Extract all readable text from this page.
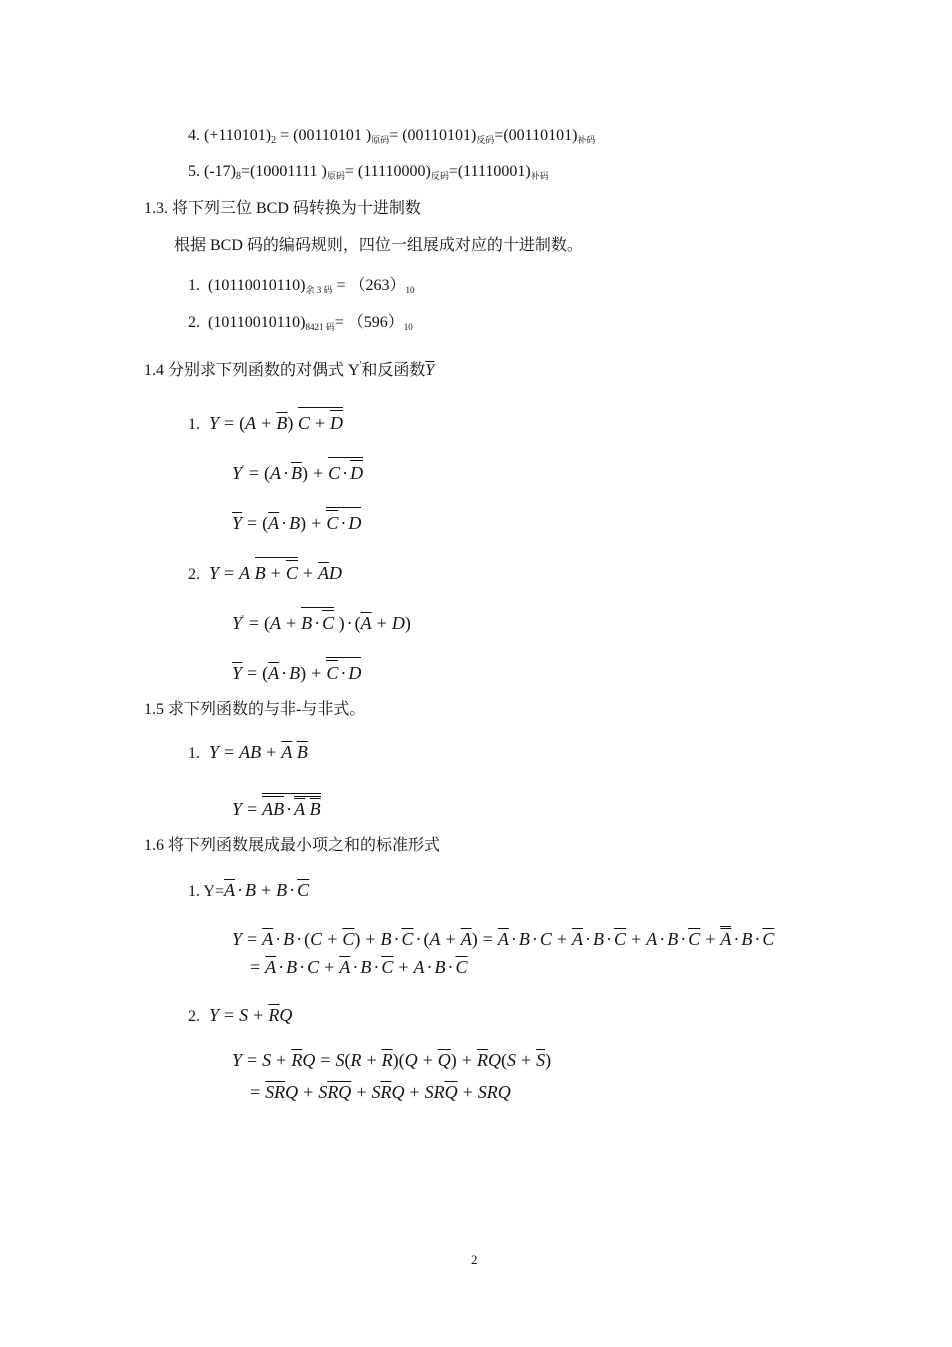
4. $(+110101)_2 = (00110101$ )原码= (00110101)反码=(00110101)补码
5. $(-17)_8=(10001111$ )原码= (11110000)反码=(11110001)补码
1.3. 将下列三位 BCD 码转换为十进制数
根据 BCD 码的编码规则，四位一组展成对应的十进制数。
1. (10110010110)余 3 码 = （263）10
2. (10110010110)8421 码= （596）10
1.4 分别求下列函数的对偶式 Y'和反函数$\overline{Y}$
1. $Y = (A + \overline{B})$ C + D
$Y' = (A \cdot \overline{B}) + C \cdot D$
$\overline{Y} = (\overline{A} \cdot B) + C \cdot D$
2. Y = A $B + C + \overline{A}D$
Y' = (A + B · C ) · $(\overline{A} + D)$
$\overline{Y} = (\overline{A} \cdot B) + C \cdot D$
1.5 求下列函数的与非-与非式。
1. Y = AB + $\overline{A}$ $\overline{B}$
Y = AB · $\overline{A}$ $\overline{B}$
1.6 将下列函数展成最小项之和的标准形式
1. $Y=\overline{A} \cdot B + B \cdot \overline{C}$
$Y = \overline{A} \cdot B \cdot (C + \overline{C}) + B \cdot \overline{C} \cdot (A + \overline{A}) = \overline{A} \cdot B \cdot C + \overline{A} \cdot B \cdot \overline{C} + A \cdot B \cdot \overline{C} + \overline{A} \cdot B \cdot \overline{C}$
= $\overline{A} \cdot B \cdot C + \overline{A} \cdot B \cdot \overline{C} + A \cdot B \cdot \overline{C}$
2. $Y = S + \overline{R}Q$
$Y = S + \overline{R}Q = S(R + \overline{R})(Q + \overline{Q}) + \overline{R}Q(S + \overline{S})$
= $\overline{S}\overline{R}Q + S\overline{RQ} + S\overline{R}Q + SR\overline{Q}$ + SRQ
2
